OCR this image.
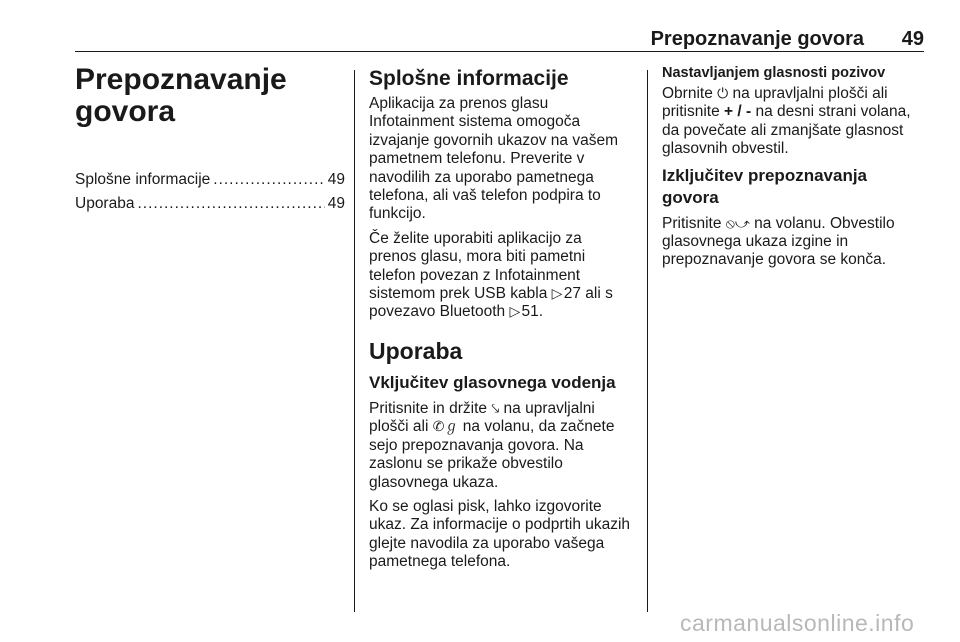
Prepoznavanje govora 49
Prepoznavanje
govora
Splošne informacije .....	49
Uporaba .....	49
Splošne informacije

Aplikacija za prenos glasu Infotainment sistema omogoča izvajanje govornih ukazov na vašem pametnem telefonu. Preverite v navodilih za uporabo pametnega telefona, ali vaš telefon podpira to funkcijo.

Če želite uporabiti aplikacijo za prenos glasu, mora biti pametni telefon povezan z Infotainment sistemom prek USB kabla ▷ 27 ali s povezavo Bluetooth ▷ 51.

Uporaba
Vključitev glasovnega vodenja

Pritisnite in držite ⤥ na upravljalni plošči ali ✆ℊ na volanu, da začnete sejo prepoznavanja govora. Na zaslonu se prikaže obvestilo glasovnega ukaza.

Ko se oglasi pisk, lahko izgovorite ukaz. Za informacije o podprtih ukazih glejte navodila za uporabo vašega pametnega telefona.

Nastavljanjem glasnosti pozivov

Obrnite ⏻ na upravljalni plošči ali pritisnite + / - na desni strani volana, da povečate ali zmanjšate glasnost glasovnih obvestil.

Izključitev prepoznavanja govora

Pritisnite ⦸⤻ na volanu. Obvestilo glasovnega ukaza izgine in prepoznavanje govora se konča.

carmanualsonline.info
